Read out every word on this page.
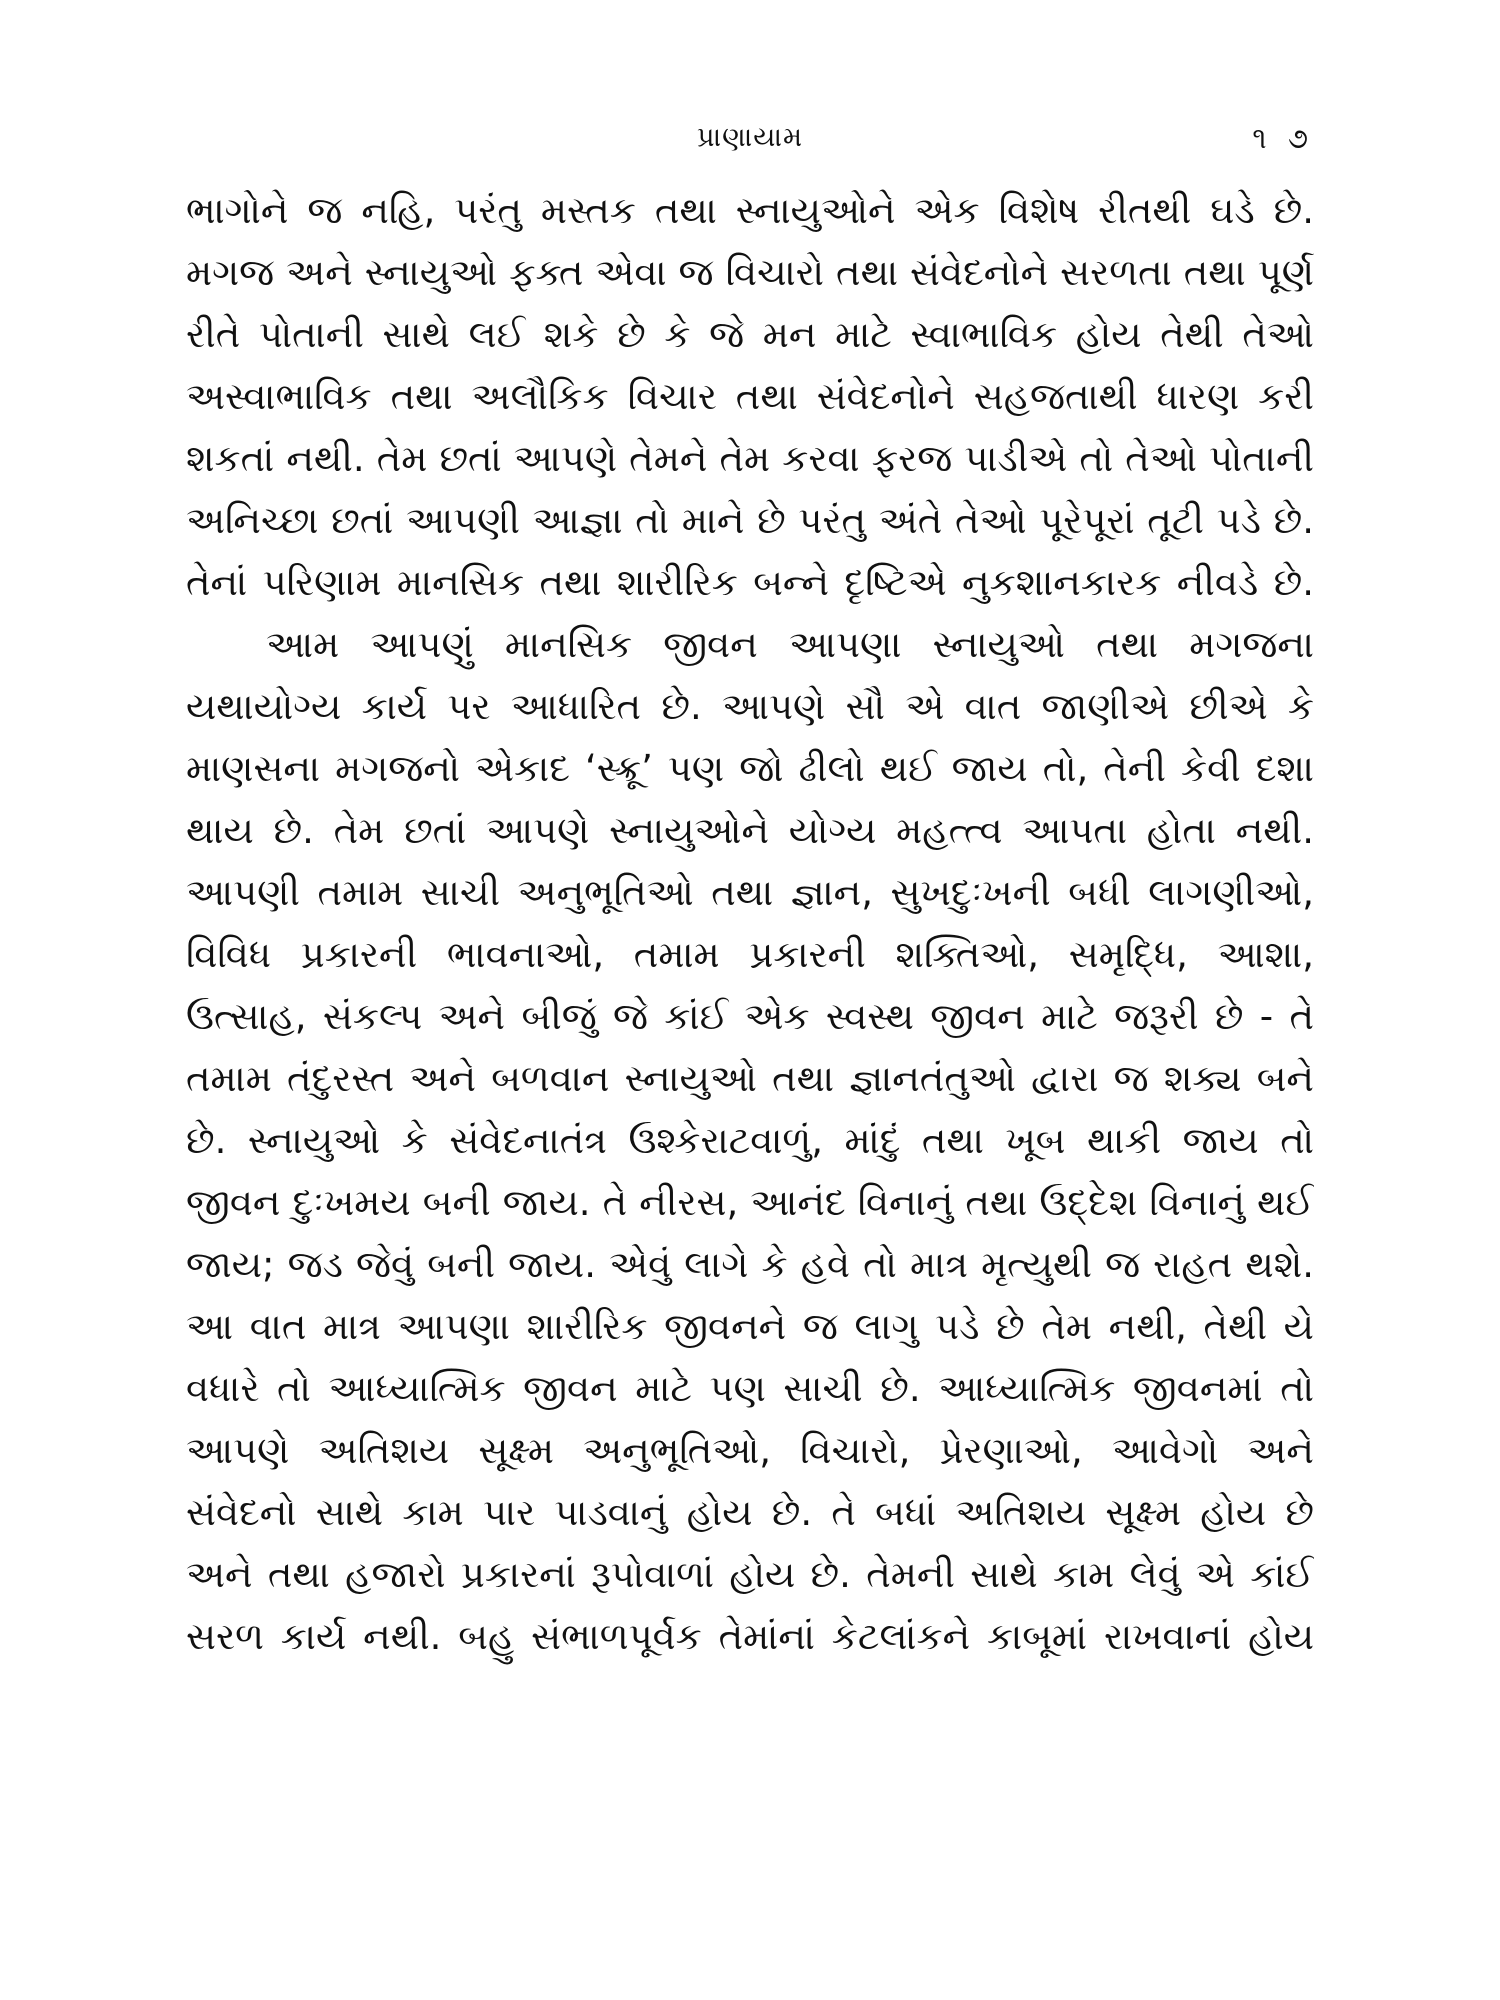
પ્રાણાયામ	૧ ૭
ભાગોને જ નહિ, પરંતુ મસ્તક તથા સ્નાયુઓને એક વિશેષ રીતથી ઘડે છે.
મગજ અને સ્નાયુઓ ફક્ત એવા જ વિચારો તથા સંવેદનોને સરળતા તથા પૂર્ણ
રીતે પોતાની સાથે લઈ શકે છે કે જે મન માટે સ્વાભાવિક હોય તેથી તેઓ
અસ્વાભાવિક તથા અલૌકિક વિચાર તથા સંવેદનોને સહજતાથી ધારણ કરી
શકતાં નથી. તેમ છતાં આપણે તેમને તેમ કરવા ફરજ પાડીએ તો તેઓ પોતાની
અનિચ્છા છતાં આપણી આજ્ઞા તો માને છે પરંતુ અંતે તેઓ પૂરેપૂરાં તૂટી પડે છે.
તેનાં પરિણામ માનસિક તથા શારીરિક બન્ને દૃષ્ટિએ નુકશાનકારક નીવડે છે.
આમ આપણું માનસિક જીવન આપણા સ્નાયુઓ તથા મગજના
યથાયોગ્ય કાર્ય પર આધારિત છે. આપણે સૌ એ વાત જાણીએ છીએ કે
માણસના મગજનો એકાદ ‘સ્ક્રૂ’ પણ જો ઢીલો થઈ જાય તો, તેની કેવી દશા
થાય છે. તેમ છતાં આપણે સ્નાયુઓને યોગ્ય મહત્ત્વ આપતા હોતા નથી.
આપણી તમામ સાચી અનુભૂતિઓ તથા જ્ઞાન, સુખદુઃખની બધી લાગણીઓ,
વિવિધ પ્રકારની ભાવનાઓ, તમામ પ્રકારની શક્તિઓ, સમૃદ્ધિ, આશા,
ઉત્સાહ, સંકલ્પ અને બીજું જે કાંઈ એક સ્વસ્થ જીવન માટે જરૂરી છે - તે
તમામ તંદુરસ્ત અને બળવાન સ્નાયુઓ તથા જ્ઞાનતંતુઓ દ્વારા જ શક્ય બને
છે. સ્નાયુઓ કે સંવેદનાતંત્ર ઉશ્કેરાટવાળું, માંદું તથા ખૂબ થાકી જાય તો
જીવન દુઃખમય બની જાય. તે નીરસ, આનંદ વિનાનું તથા ઉદ્દેશ વિનાનું થઈ
જાય; જડ જેવું બની જાય. એવું લાગે કે હવે તો માત્ર મૃત્યુથી જ રાહત થશે.
આ વાત માત્ર આપણા શારીરિક જીવનને જ લાગુ પડે છે તેમ નથી, તેથી યે
વધારે તો આધ્યાત્મિક જીવન માટે પણ સાચી છે. આધ્યાત્મિક જીવનમાં તો
આપણે અતિશય સૂક્ષ્મ અનુભૂતિઓ, વિચારો, પ્રેરણાઓ, આવેગો અને
સંવેદનો સાથે કામ પાર પાડવાનું હોય છે. તે બધાં અતિશય સૂક્ષ્મ હોય છે
અને તથા હજારો પ્રકારનાં રૂપોવાળાં હોય છે. તેમની સાથે કામ લેવું એ કાંઈ
સરળ કાર્ય નથી. બહુ સંભાળપૂર્વક તેમાંનાં કેટલાંકને કાબૂમાં રાખવાનાં હોય
